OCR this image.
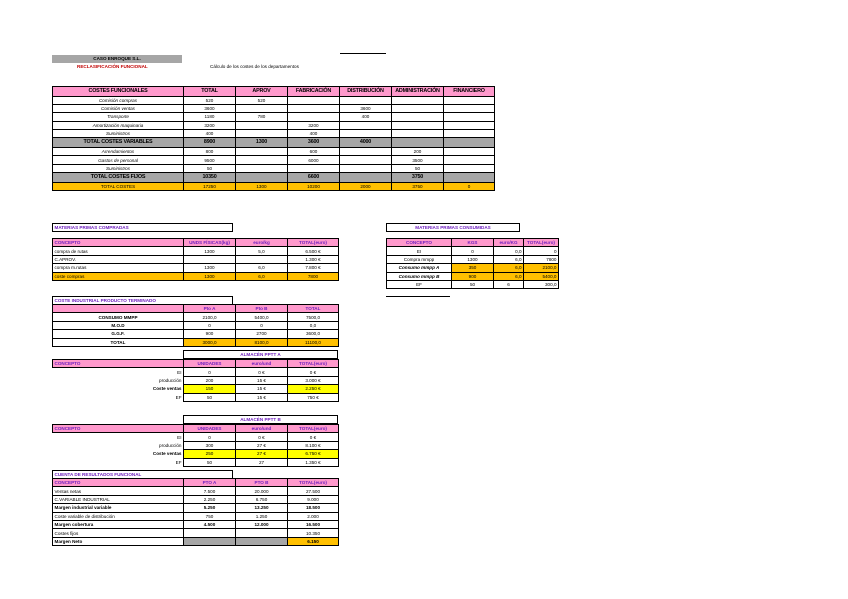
CASO ENROQUE S.L.
RECLASIFICACIÓN FUNCIONAL	Cálculo de los costes de los departamentos
COSTES FUNCIONALES	TOTAL	APROV	FABRICACIÓN	DISTRIBUCIÓN	ADMINISTRACIÓN	FINANCIERO
Comisión compras	520	520				
Comisión ventas	3600			3600		
Transporte	1180	780		400		
Amortización maquinaria	3200		3200			
Suministros	400		400			
TOTAL COSTES VARIABLES	8900	1300	3600	4000		
Arrendamientos	800		600		200	
Gastos de personal	9500		6000		3500	
Suministros	50				50	
TOTAL COSTES FIJOS	10350		6600		3750	
TOTAL COSTES	17250	1300	10200	2000	3750	0
MATERIAS PRIMAS COMPRADAS
CONCEPTO	UNDS FÍSICAS(kg)	euro/kg	TOTAL(euro)
compra de rutas	1300	5,0	6.500 €
C.APROV.			1.300 €
compra m.rutas	1300	6,0	7.800 €
coste compras	1300	6,0	7800
MATERIAS PRIMAS CONSUMIDAS
CONCEPTO	KGS	euro/KG	TOTAL(euro)
EI	0	0,0	0
Compra mmpp	1300	6,0	7800
Consumo mmpp A	350	6,0	2100,0
Consumo mmpp B	900	6,0	5400,0
EF	50	6	300,0
COSTE INDUSTRIAL PRODUCTO TERMINADO
	Pto A	Pto B	TOTAL
CONSUMO MMPP	2100,0	5400,0	7500,0
M.O.D	0	0	0,0
G.G.F.	900	2700	3600,0
TOTAL	3000,0	8100,0	11100,0
ALMACÉN PPTT A
CONCEPTO	UNIDADES	euro/und	TOTAL(euro)
EI	0	0 €	0 €
producción	200	15 €	3.000 €
Coste ventas	150	15 €	2.250 €
EF	50	15 €	750 €
ALMACÉN PPTT B
CONCEPTO	UNIDADES	euro/und	TOTAL(euro)
EI	0	0 €	0 €
producción	300	27 €	8.100 €
Coste ventas	250	27 €	6.750 €
EF	50	27	1.350 €
CUENTA DE RESULTADOS FUNCIONAL
CONCEPTO	PTO A	PTO B	TOTAL(euro)
Ventas netas	7.500	20.000	27.500
C.VARIABLE INDUSTRIAL	2.250	6.750	9.000
Margen industrial variable	5.250	13.250	18.500
Coste variable de distribución	750	1.250	2.000
Margen cobertura	4.500	12.000	16.500
Costes fijos			10.350
Margen Neto			6.150
